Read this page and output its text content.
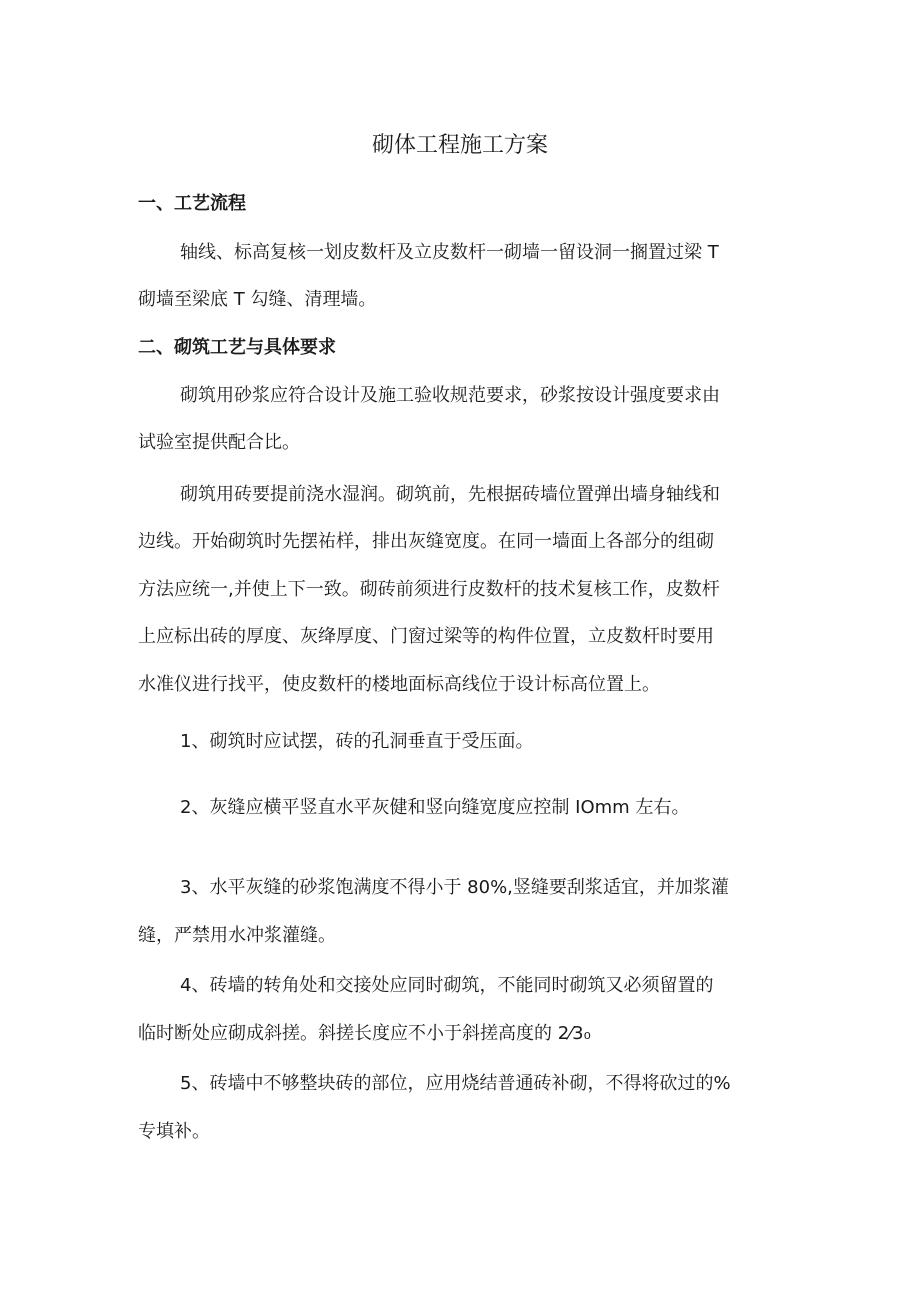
砌体工程施工方案
一、工艺流程
轴线、标高复核一划皮数杆及立皮数杆一砌墙一留设洞一搁置过梁 T
砌墙至梁底 T 勾缝、清理墙。
二、砌筑工艺与具体要求
砌筑用砂浆应符合设计及施工验收规范要求，砂浆按设计强度要求由
试验室提供配合比。
砌筑用砖要提前浇水湿润。砌筑前，先根据砖墙位置弹出墙身轴线和
边线。开始砌筑时先摆祐样，排出灰缝宽度。在同一墙面上各部分的组砌
方法应统一,并使上下一致。砌砖前须进行皮数杆的技术复核工作，皮数杆
上应标出砖的厚度、灰绛厚度、门窗过梁等的构件位置，立皮数杆时要用
水准仪进行找平，使皮数杆的楼地面标高线位于设计标高位置上。
1、砌筑时应试摆，砖的孔洞垂直于受压面。
2、灰缝应横平竖直水平灰健和竖向缝宽度应控制 IOmm 左右。
3、水平灰缝的砂浆饱满度不得小于 80%,竖缝要刮浆适宜，并加浆灌
缝，严禁用水冲浆灌缝。
4、砖墙的转角处和交接处应同时砌筑，不能同时砌筑又必须留置的
临时断处应砌成斜搓。斜搓长度应不小于斜搓高度的 2⁄3₀
5、砖墙中不够整块砖的部位，应用烧结普通砖补砌，不得将砍过的%
专填补。
